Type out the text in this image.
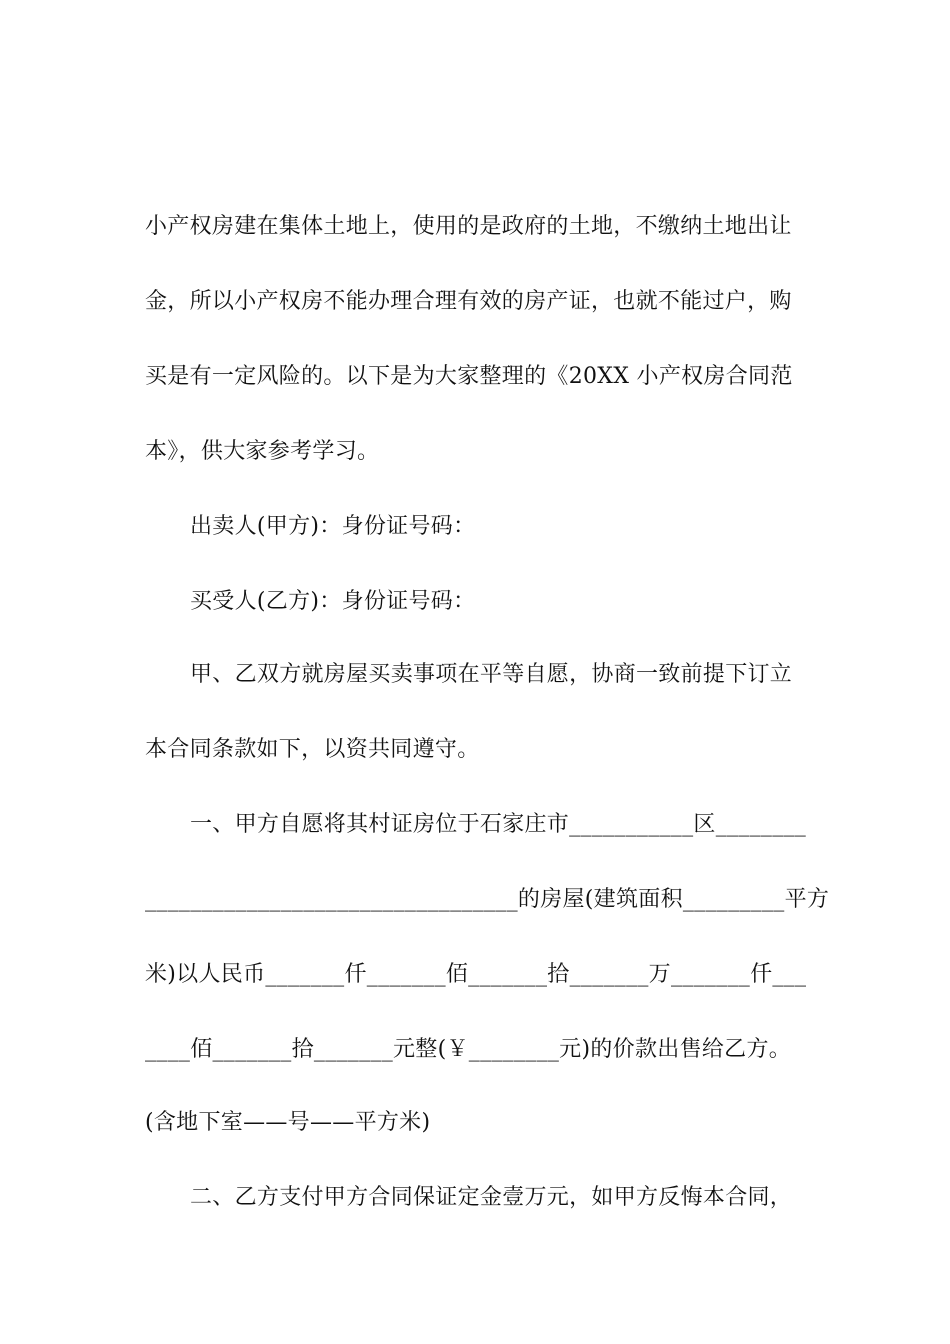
小产权房建在集体土地上，使用的是政府的土地，不缴纳土地出让
金，所以小产权房不能办理合理有效的房产证，也就不能过户，购
买是有一定风险的。以下是为大家整理的《20XX 小产权房合同范
本》，供大家参考学习。
出卖人(甲方)：身份证号码：
买受人(乙方)：身份证号码：
甲、乙双方就房屋买卖事项在平等自愿，协商一致前提下订立
本合同条款如下，以资共同遵守。
一、甲方自愿将其村证房位于石家庄市___________区________
_________________________________的房屋(建筑面积_________平方
米)以人民币_______仟_______佰_______拾_______万_______仟___
____佰_______拾_______元整(￥________元)的价款出售给乙方。
(含地下室——号——平方米)
二、乙方支付甲方合同保证定金壹万元，如甲方反悔本合同，
